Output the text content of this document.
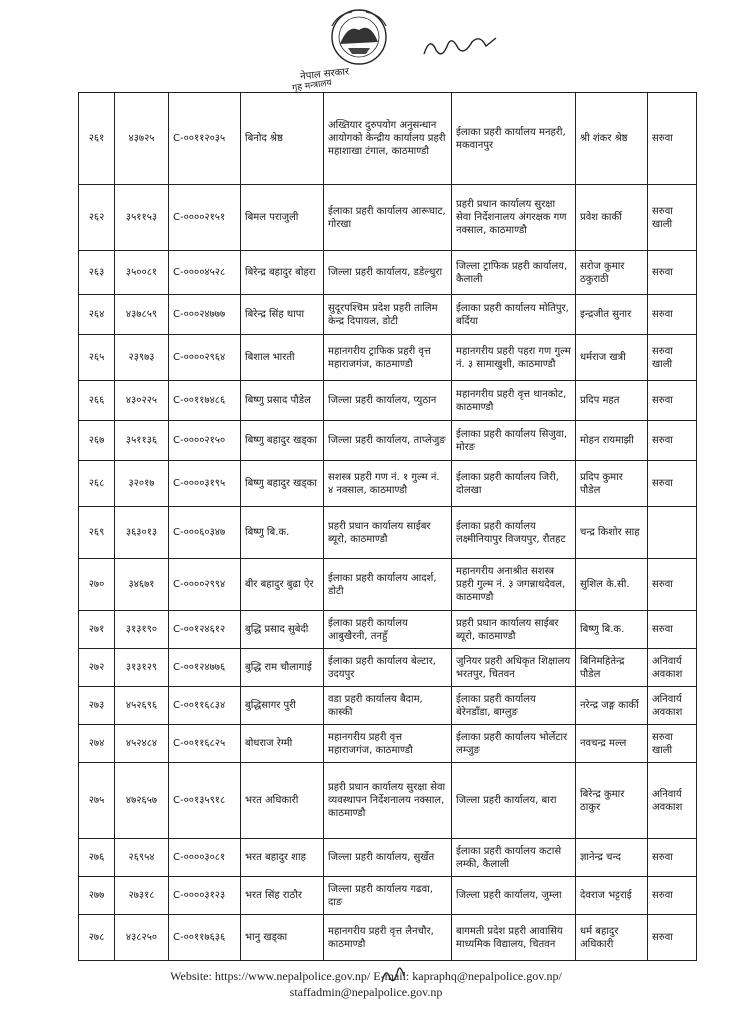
नेपाल सरकार
गृह मन्त्रालय
२६१	४३७२५	C-००११२०३५	बिनोद श्रेष्ठ	अख्तियार दुरुपयोग अनुसन्धान आयोगको केन्द्रीय कार्यालय प्रहरी महाशाखा टंगाल, काठमाण्डौ	ईलाका प्रहरी कार्यालय मनहरी, मकवानपुर	श्री शंकर श्रेष्ठ	सरुवा
२६२	३५११५३	C-००००२१५१	बिमल पराजुली	ईलाका प्रहरी कार्यालय आरूघाट, गोरखा	प्रहरी प्रधान कार्यालय सुरक्षा सेवा निर्देशनालय अंगरक्षक गण नक्साल, काठमाण्डौ	प्रवेश कार्की	सरुवा खाली
२६३	३५००८१	C-००००४५२८	बिरेन्द्र बहादुर बोहरा	जिल्ला प्रहरी कार्यालय, डडेल्धुरा	जिल्ला ट्राफिक प्रहरी कार्यालय, कैलाली	सरोज कुमार ठकुराठी	सरुवा
२६४	४३७८५९	C-०००२४७७७	बिरेन्द्र सिंह थापा	सुदूरपश्चिम प्रदेश प्रहरी तालिम केन्द्र दिपायल, डोटी	ईलाका प्रहरी कार्यालय मोतिपुर, बर्दिया	इन्द्रजीत सुनार	सरुवा
२६५	२३९७३	C-००००२९६४	बिशाल भारती	महानगरीय ट्राफिक प्रहरी वृत्त महाराजगंज, काठमाण्डौ	महानगरीय प्रहरी पहरा गण गुल्म नं. ३ सामाखुशी, काठमाण्डौ	धर्मराज खत्री	सरुवा खाली
२६६	४३०२२५	C-००११७४८६	बिष्णु प्रसाद पौडेल	जिल्ला प्रहरी कार्यालय, प्युठान	महानगरीय प्रहरी वृत्त थानकोट, काठमाण्डौ	प्रदिप महत	सरुवा
२६७	३५११३६	C-००००२१५०	बिष्णु बहादुर खड्का	जिल्ला प्रहरी कार्यालय, ताप्लेजुङ	ईलाका प्रहरी कार्यालय सिजुवा, मोरङ	मोहन रायमाझी	सरुवा
२६८	३२०१७	C-००००३१९५	बिष्णु बहादुर खड्का	सशस्त्र प्रहरी गण नं. १ गुल्म नं. ४ नक्साल, काठमाण्डौ	ईलाका प्रहरी कार्यालय जिरी, दोलखा	प्रदिप कुमार पौडेल	सरुवा
२६९	३६३०१३	C-०००६०३४७	बिष्णु बि.क.	प्रहरी प्रधान कार्यालय साईबर ब्यूरो, काठमाण्डौ	ईलाका प्रहरी कार्यालय लक्ष्मीनियापुर विजयपुर, रौतहट	चन्द्र किशोर साह	
२७०	३४६७१	C-००००२९९४	बीर बहादुर बुढा ऐर	ईलाका प्रहरी कार्यालय आदर्श, डोटी	महानगरीय अनाश्रीत सशस्त्र प्रहरी गुल्म नं. ३ जगन्नाथदेवल, काठमाण्डौ	सुशिल के.सी.	सरुवा
२७१	३१३१९०	C-००१२४६१२	बुद्धि प्रसाद सुबेदी	ईलाका प्रहरी कार्यालय आबुखैरनी, तनहुँ	प्रहरी प्रधान कार्यालय साईबर ब्यूरो, काठमाण्डौ	बिष्णु बि.क.	सरुवा
२७२	३१३१२९	C-००१२४७७६	बुद्धि राम चौलागाई	ईलाका प्रहरी कार्यालय बेल्टार, उदयपुर	जुनियर प्रहरी अधिकृत शिक्षालय भरतपुर, चितवन	बिनिमहितेन्द्र पौडेल	अनिवार्य अवकाश
२७३	४५२६९६	C-००११६८३४	बुद्धिसागर पुरी	वडा प्रहरी कार्यालय बैदाम, कास्की	ईलाका प्रहरी कार्यालय बेरेनडाँडा, बाग्लुङ	नरेन्द्र जङ्ग कार्की	अनिवार्य अवकाश
२७४	४५२४८४	C-००११६८२५	बोधराज रेग्मी	महानगरीय प्रहरी वृत्त महाराजगंज, काठमाण्डौ	ईलाका प्रहरी कार्यालय भोर्लेटार लम्जुङ	नवचन्द्र मल्ल	सरुवा खाली
२७५	४७२६५७	C-००१३५९१८	भरत अधिकारी	प्रहरी प्रधान कार्यालय सुरक्षा सेवा व्यवस्थापन निर्देशनालय नक्साल, काठमाण्डौ	जिल्ला प्रहरी कार्यालय, बारा	बिरेन्द्र कुमार ठाकुर	अनिवार्य अवकाश
२७६	२६९५४	C-००००३०८१	भरत बहादुर शाह	जिल्ला प्रहरी कार्यालय, सुर्खेत	ईलाका प्रहरी कार्यालय कटासे लम्की, कैलाली	ज्ञानेन्द्र चन्द	सरुवा
२७७	२७३१८	C-००००३१२३	भरत सिंह राठौर	जिल्ला प्रहरी कार्यालय गढवा, दाङ	जिल्ला प्रहरी कार्यालय, जुम्ला	देवराज भट्टराई	सरुवा
२७८	४३८२५०	C-००११७६३६	भानु खड्का	महानगरीय प्रहरी वृत्त लैनचौर, काठमाण्डौ	बागमती प्रदेश प्रहरी आवासिय माध्यमिक विद्यालय, चितवन	धर्म बहादुर अधिकारी	सरुवा
Website: https://www.nepalpolice.gov.np/ E-mail: kapraphq@nepalpolice.gov.np/
staffadmin@nepalpolice.gov.np
